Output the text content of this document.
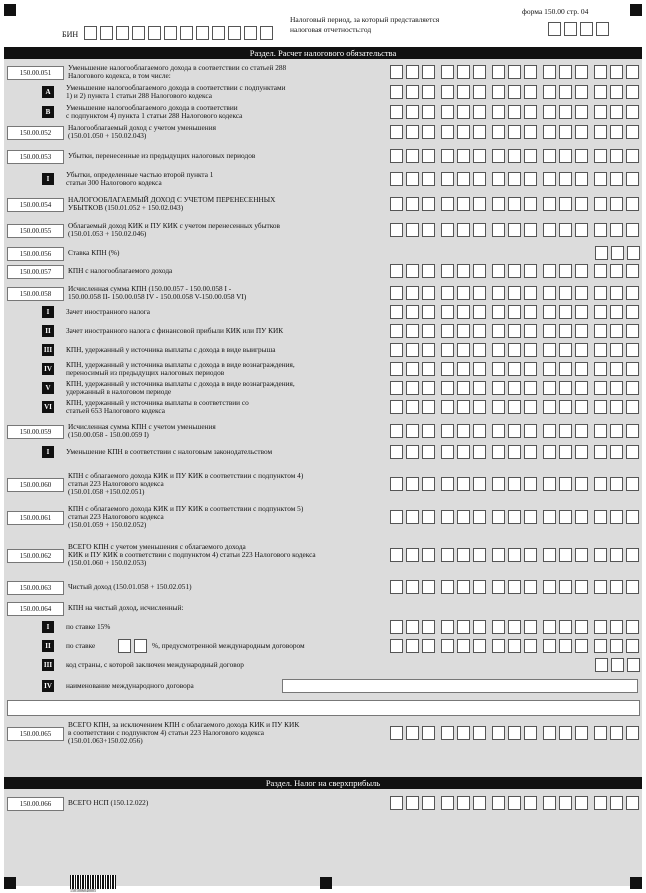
форма 150.00 стр. 04
БИН
Налоговый период, за который представляется
налоговая отчетность:год
Раздел. Расчет налогового обязательства
150.00.051
Уменьшение налогооблагаемого дохода в соответствии со статьей 288
Налогового кодекса, в том числе:
A	Уменьшение налогооблагаемого дохода в соответствии с подпунктами
1) и 2) пункта 1 статьи 288 Налогового кодекса
B	Уменьшение налогооблагаемого дохода в соответствии
с подпунктом 4) пункта 1 статьи 288 Налогового кодекса
150.00.052
Налогооблагаемый доход с учетом уменьшения
(150.01.050 + 150.02.043)
150.00.053	Убытки, перенесенные из предыдущих налоговых периодов
I	Убытки, определенные частью второй пункта 1
статьи 300 Налогового кодекса
150.00.054
НАЛОГООБЛАГАЕМЫЙ ДОХОД С УЧЕТОМ ПЕРЕНЕСЕННЫХ
УБЫТКОВ (150.01.052 + 150.02.043)
150.00.055
Облагаемый доход КИК и ПУ КИК с учетом перенесенных убытков
(150.01.053 + 150.02.046)
150.00.056	Ставка КПН (%)
150.00.057	КПН с налогооблагаемого дохода
150.00.058
Исчисленная сумма КПН (150.00.057 - 150.00.058 I -
150.00.058 II- 150.00.058 IV - 150.00.058 V-150.00.058 VI)
I	Зачет иностранного налога
II	Зачет иностранного налога с финансовой прибыли КИК или ПУ КИК
III КПН, удержанный у источника выплаты с дохода в виде выигрыша
IV КПН, удержанный у источника выплаты с дохода в виде вознаграждения,
переносимый из предыдущих налоговых периодов
V	КПН, удержанный у источника выплаты с дохода в виде вознаграждения,
удержанный в налоговом периоде
VI КПН, удержанный у источника выплаты в соответствии со
статьей 653 Налогового кодекса
150.00.059
Исчисленная сумма КПН с учетом уменьшения
(150.00.058 - 150.00.059 I)
I	Уменьшение КПН в соответствии с налоговым законодательством
150.00.060
КПН с облагаемого дохода КИК и ПУ КИК в соответствии с подпунктом 4)
статьи 223 Налогового кодекса
(150.01.058 +150.02.051)
150.00.061
КПН с облагаемого дохода КИК и ПУ КИК в соответствии с подпунктом 5)
статьи 223 Налогового кодекса
(150.01.059 + 150.02.052)
150.00.062
ВСЕГО КПН с учетом уменьшения с облагаемого дохода
КИК и ПУ КИК в соответствии с подпунктом 4) статьи 223 Налогового кодекса
(150.01.060 + 150.02.053)
150.00.063	Чистый доход (150.01.058 + 150.02.051)
150.00.064	КПН на чистый доход, исчисленный:
I	по ставке 15%
II	по ставке	%, предусмотренной международным договором
III код страны, с которой заключен международный договор
IV наименование международного договора
150.00.065
ВСЕГО КПН, за исключением КПН с облагаемого дохода КИК и ПУ КИК
в соответствии с подпунктом 4) статьи 223 Налогового кодекса
(150.01.063+150.02.056)
Раздел. Налог на сверхприбыль
150.00.066	ВСЕГО НСП (150.12.022)
1501006040005
